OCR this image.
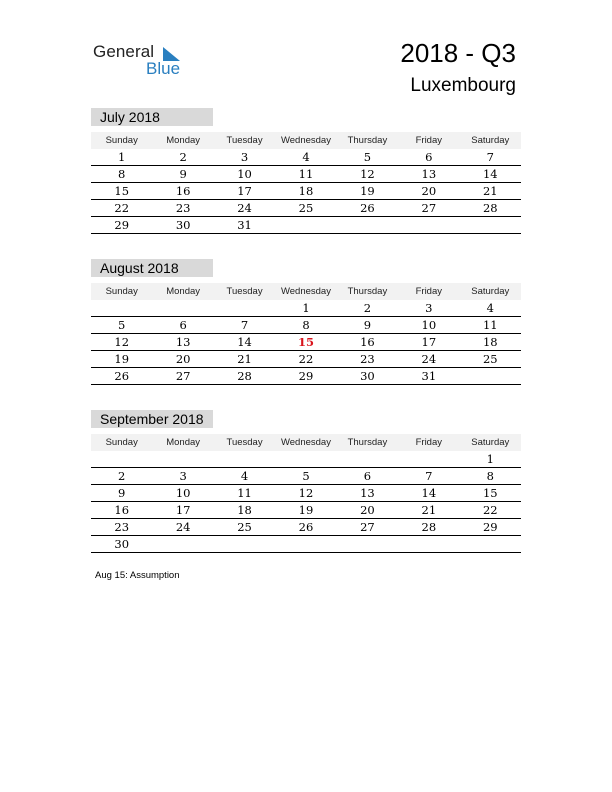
General
Blue
2018 - Q3
Luxembourg
July 2018
Sunday	Monday	Tuesday	Wednesday	Thursday	Friday	Saturday
1	2	3	4	5	6	7
8	9	10	11	12	13	14
15	16	17	18	19	20	21
22	23	24	25	26	27	28
29	30	31				
August 2018
Sunday	Monday	Tuesday	Wednesday	Thursday	Friday	Saturday
			1	2	3	4
5	6	7	8	9	10	11
12	13	14	15	16	17	18
19	20	21	22	23	24	25
26	27	28	29	30	31	
September 2018
Sunday	Monday	Tuesday	Wednesday	Thursday	Friday	Saturday
						1
2	3	4	5	6	7	8
9	10	11	12	13	14	15
16	17	18	19	20	21	22
23	24	25	26	27	28	29
30						
Aug 15: Assumption
